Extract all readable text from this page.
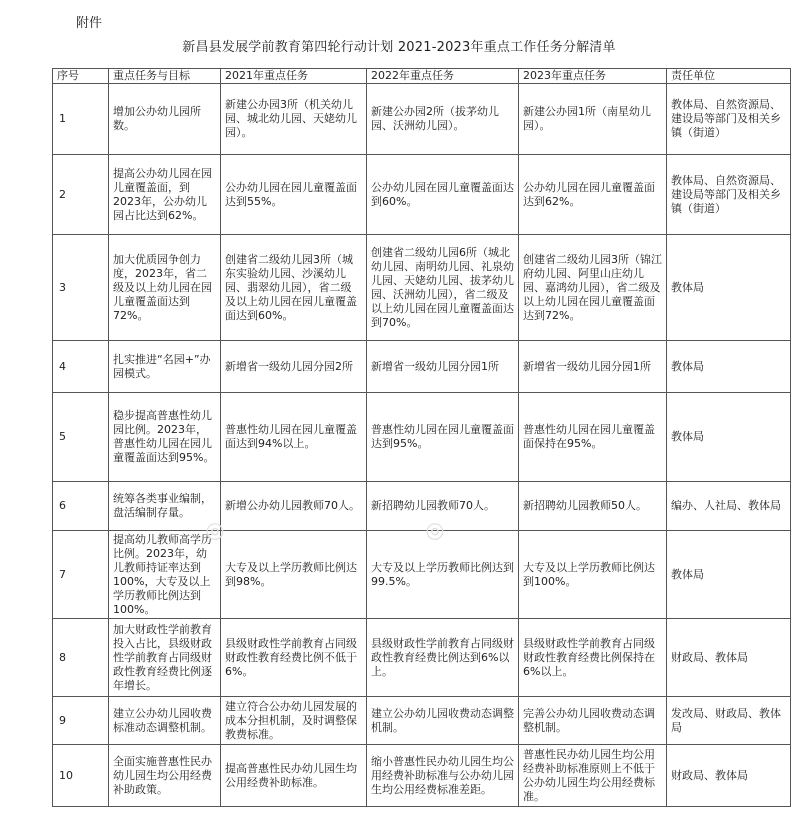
附件
新昌县发展学前教育第四轮行动计划 2021-2023年重点工作任务分解清单
序号	重点任务与目标	2021年重点任务	2022年重点任务	2023年重点任务	责任单位
1	增加公办幼儿园所数。	新建公办园3所（机关幼儿园、城北幼儿园、天姥幼儿园）。	新建公办园2所（拔茅幼儿园、沃洲幼儿园）。	新建公办园1所（南星幼儿园）。	教体局、自然资源局、建设局等部门及相关乡镇（街道）
2	提高公办幼儿园在园儿童覆盖面，到2023年，公办幼儿园占比达到62%。	公办幼儿园在园儿童覆盖面达到55%。	公办幼儿园在园儿童覆盖面达到60%。	公办幼儿园在园儿童覆盖面达到62%。	教体局、自然资源局、建设局等部门及相关乡镇（街道）
3	加大优质园争创力度，2023年，省二级及以上幼儿园在园儿童覆盖面达到72%。	创建省二级幼儿园3所（城东实验幼儿园、沙溪幼儿园、翡翠幼儿园），省二级及以上幼儿园在园儿童覆盖面达到60%。	创建省二级幼儿园6所（城北幼儿园、南明幼儿园、礼泉幼儿园、天姥幼儿园、拔茅幼儿园、沃洲幼儿园），省二级及以上幼儿园在园儿童覆盖面达到70%。	创建省二级幼儿园3所（锦江府幼儿园、阿里山庄幼儿园、嘉鸿幼儿园），省二级及以上幼儿园在园儿童覆盖面达到72%。	教体局
4	扎实推进“名园+”办园模式。	新增省一级幼儿园分园2所	新增省一级幼儿园分园1所	新增省一级幼儿园分园1所	教体局
5	稳步提高普惠性幼儿园比例。2023年，普惠性幼儿园在园儿童覆盖面达到95%。	普惠性幼儿园在园儿童覆盖面达到94%以上。	普惠性幼儿园在园儿童覆盖面达到95%。	普惠性幼儿园在园儿童覆盖面保持在95%。	教体局
6	统筹各类事业编制，盘活编制存量。	新增公办幼儿园教师70人。	新招聘幼儿园教师70人。	新招聘幼儿园教师50人。	编办、人社局、教体局
7	提高幼儿教师高学历比例。2023年，幼儿教师持证率达到100%，大专及以上学历教师比例达到100%。	大专及以上学历教师比例达到98%。	大专及以上学历教师比例达到99.5%。	大专及以上学历教师比例达到100%。	教体局
8	加大财政性学前教育投入占比，县级财政性学前教育占同级财政性教育经费比例逐年增长。	县级财政性学前教育占同级财政性教育经费比例不低于6%。	县级财政性学前教育占同级财政性教育经费比例达到6%以上。	县级财政性学前教育占同级财政性教育经费比例保持在6%以上。	财政局、教体局
9	建立公办幼儿园收费标准动态调整机制。	建立符合公办幼儿园发展的成本分担机制，及时调整保教费标准。	建立公办幼儿园收费动态调整机制。	完善公办幼儿园收费动态调整机制。	发改局、财政局、教体局
10	全面实施普惠性民办幼儿园生均公用经费补助政策。	提高普惠性民办幼儿园生均公用经费补助标准。	缩小普惠性民办幼儿园生均公用经费补助标准与公办幼儿园生均公用经费标准差距。	普惠性民办幼儿园生均公用经费补助标准原则上不低于公办幼儿园生均公用经费标准。	财政局、教体局
◎	◎
